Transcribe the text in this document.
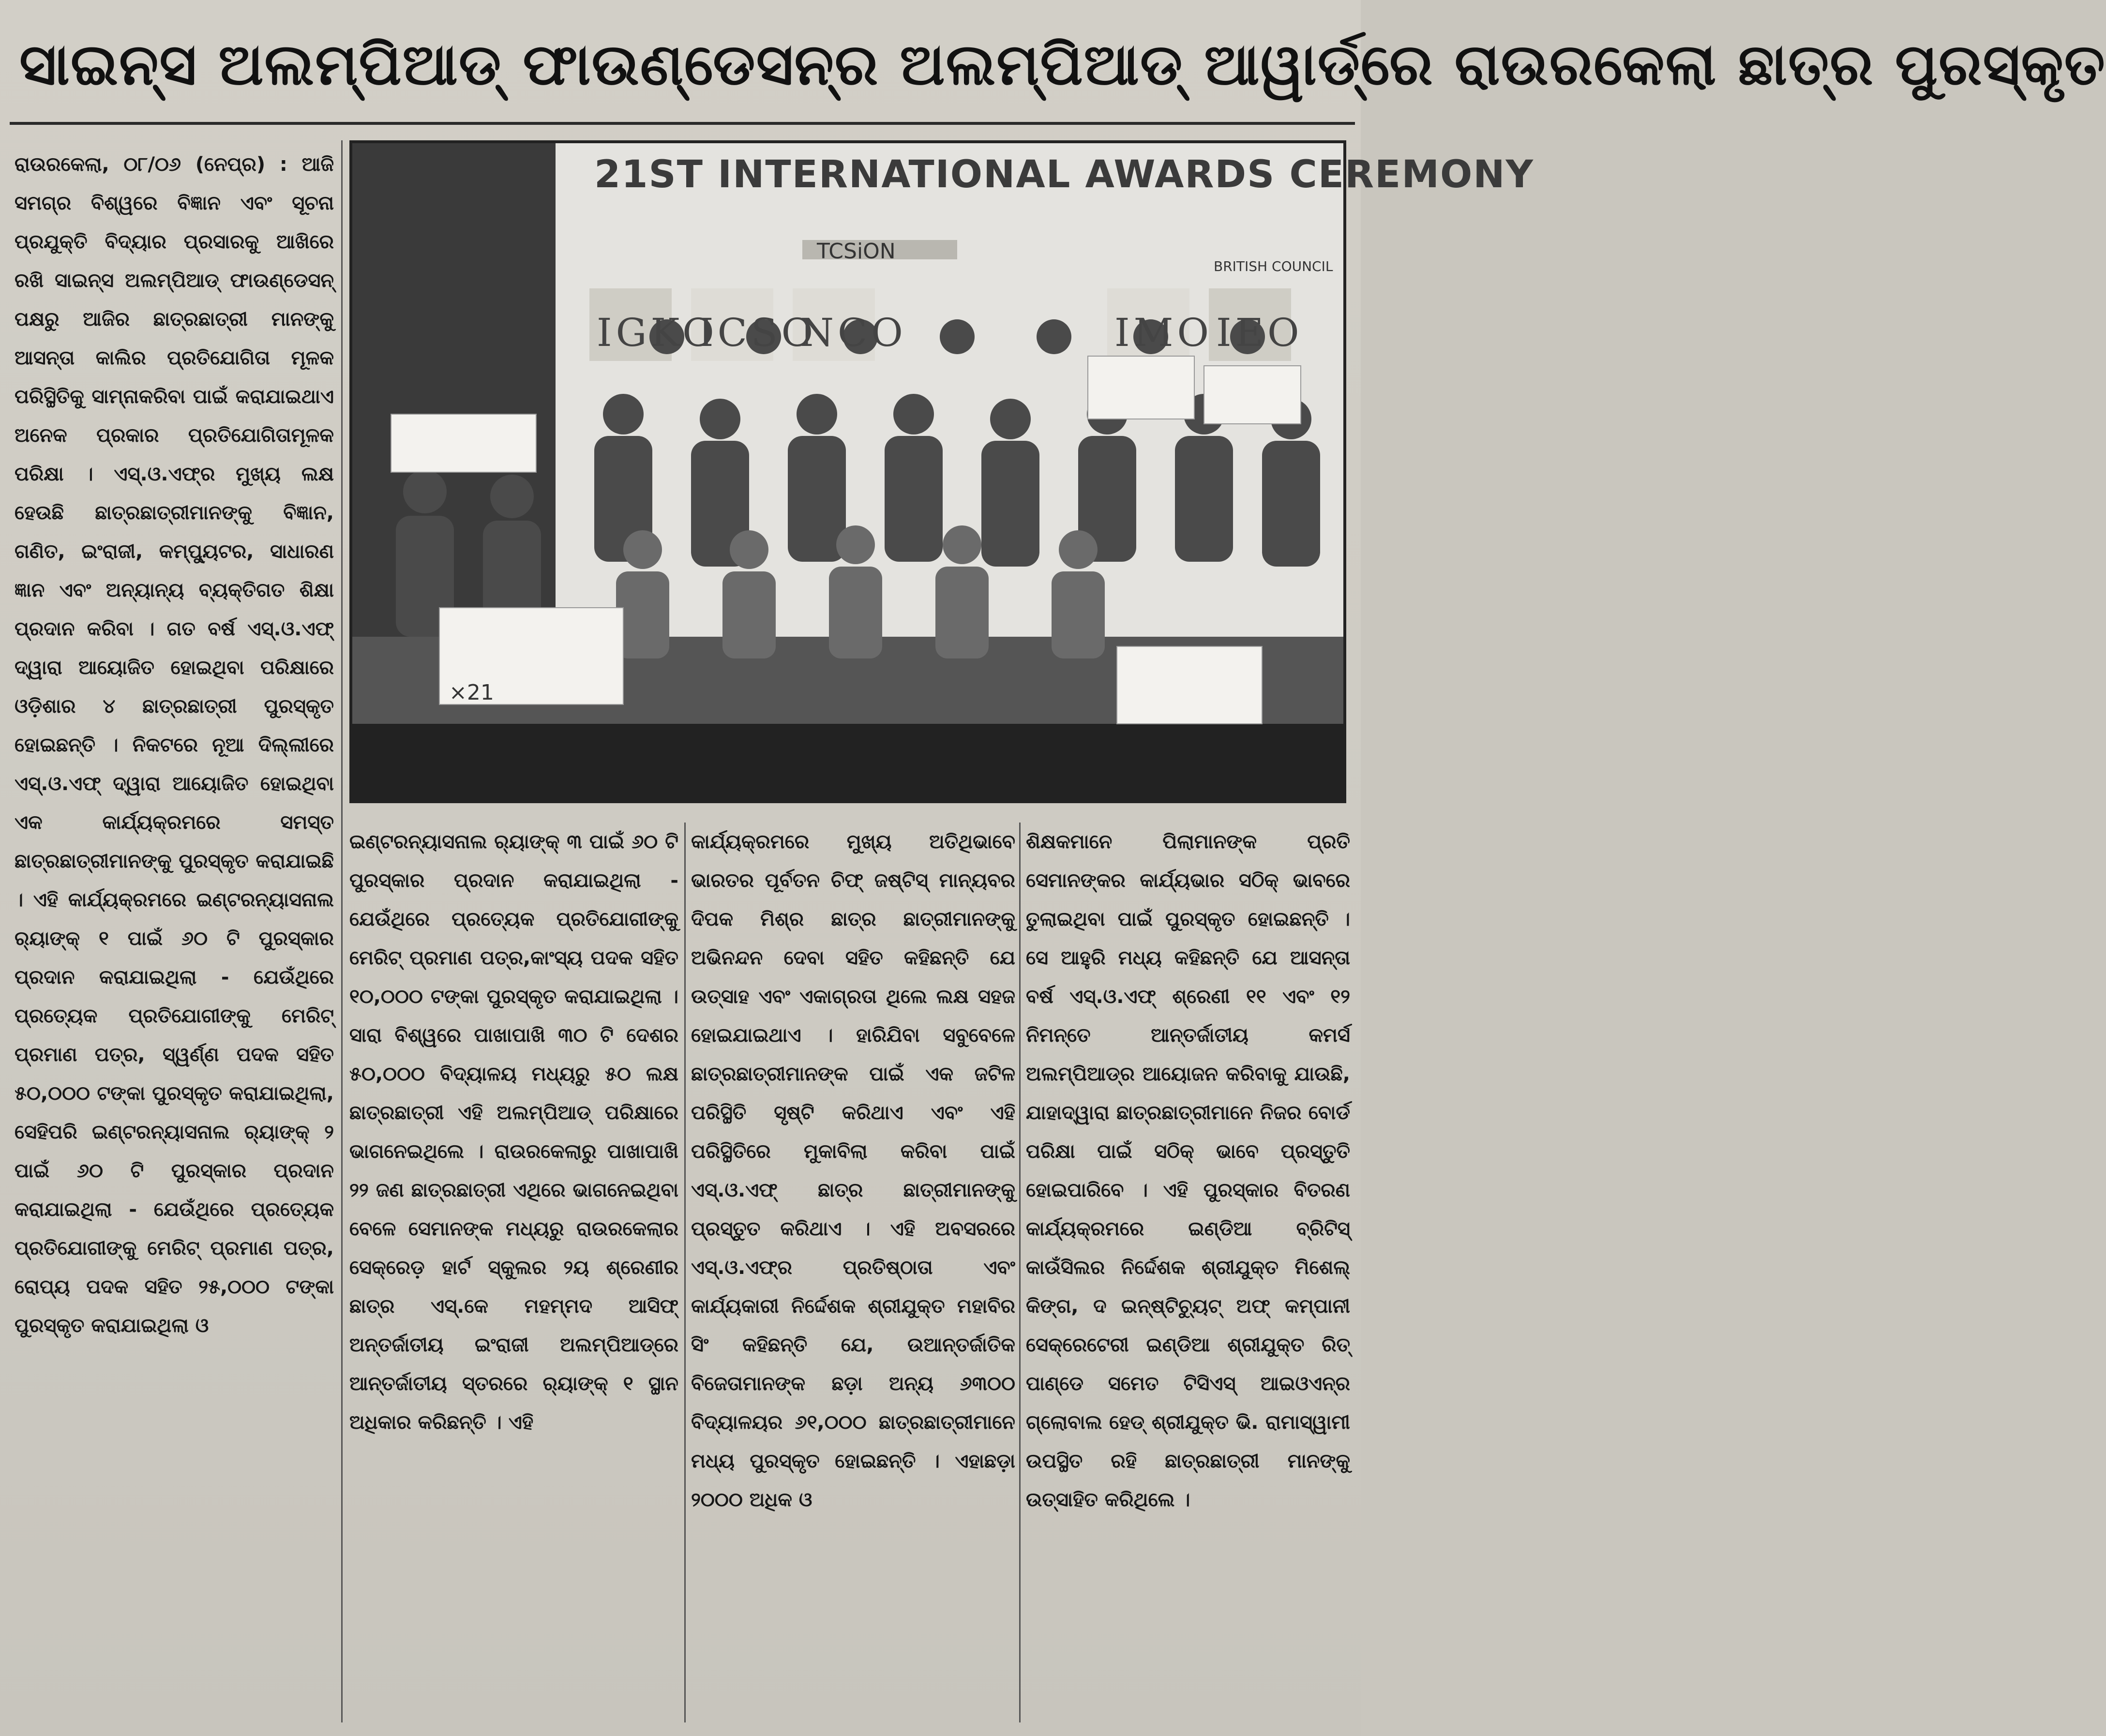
ସାଇନ୍ସ ଅଲମ୍ପିଆଡ୍ ଫାଉଣ୍ଡେସନ୍‌ର ଅଲମ୍ପିଆଡ୍ ଆୱାର୍ଡ୍‌ରେ ରାଉରକେଲା ଛାତ୍ର ପୁରସ୍କୃତ

ରାଉରକେଲା, ୦୮/୦୬ (ନେପ୍ର) : ଆଜି ସମଗ୍ର ବିଶ୍ୱରେ ବିଜ୍ଞାନ ଏବଂ ସୂଚନା ପ୍ରଯୁକ୍ତି ବିଦ୍ୟାର ପ୍ରସାରକୁ ଆଖିରେ ରଖି ସାଇନ୍ସ ଅଲମ୍ପିଆଡ୍ ଫାଉଣ୍ଡେସନ୍ ପକ୍ଷରୁ ଆଜିର ଛାତ୍ରଛାତ୍ରୀ ମାନଙ୍କୁ ଆସନ୍ତା କାଲିର ପ୍ରତିଯୋଗିତା ମୂଳକ ପରିସ୍ଥିତିକୁ ସାମ୍ନାକରିବା ପାଇଁ କରାଯାଇଥାଏ ଅନେକ ପ୍ରକାର ପ୍ରତିଯୋଗିତାମୂଳକ ପରିକ୍ଷା । ଏସ୍.ଓ.ଏଫ୍‌ର ମୁଖ୍ୟ ଲକ୍ଷ ହେଉଛି ଛାତ୍ରଛାତ୍ରୀମାନଙ୍କୁ ବିଜ୍ଞାନ, ଗଣିତ, ଇଂରାଜୀ, କମ୍ପ୍ୟୁଟର, ସାଧାରଣ ଜ୍ଞାନ ଏବଂ ଅନ୍ୟାନ୍ୟ ବ୍ୟକ୍ତିଗତ ଶିକ୍ଷା ପ୍ରଦାନ କରିବା । ଗତ ବର୍ଷ ଏସ୍.ଓ.ଏଫ୍ ଦ୍ୱାରା ଆୟୋଜିତ ହୋଇଥିବା ପରିକ୍ଷାରେ ଓଡ଼ିଶାର ୪ ଛାତ୍ରଛାତ୍ରୀ ପୁରସ୍କୃତ ହୋଇଛନ୍ତି । ନିକଟରେ ନୂଆ ଦିଲ୍ଲୀରେ ଏସ୍.ଓ.ଏଫ୍ ଦ୍ୱାରା ଆୟୋଜିତ ହୋଇଥିବା ଏକ କାର୍ଯ୍ୟକ୍ରମରେ ସମସ୍ତ ଛାତ୍ରଛାତ୍ରୀମାନଙ୍କୁ ପୁରସ୍କୃତ କରାଯାଇଛି । ଏହି କାର୍ଯ୍ୟକ୍ରମରେ ଇଣ୍ଟରନ୍ୟାସନାଲ ର୍‍ୟାଙ୍କ୍ ୧ ପାଇଁ ୬୦ ଟି ପୁରସ୍କାର ପ୍ରଦାନ କରାଯାଇଥିଲା - ଯେଉଁଥିରେ ପ୍ରତ୍ୟେକ ପ୍ରତିଯୋଗୀଙ୍କୁ ମେରିଟ୍ ପ୍ରମାଣ ପତ୍ର, ସ୍ୱର୍ଣ୍ଣ ପଦକ ସହିତ ୫୦,୦୦୦ ଟଙ୍କା ପୁରସ୍କୃତ କରାଯାଇଥିଲା, ସେହିପରି ଇଣ୍ଟରନ୍ୟାସନାଲ ର୍‍ୟାଙ୍କ୍ ୨ ପାଇଁ ୬୦ ଟି ପୁରସ୍କାର ପ୍ରଦାନ କରାଯାଇଥିଲା - ଯେଉଁଥିରେ ପ୍ରତ୍ୟେକ ପ୍ରତିଯୋଗୀଙ୍କୁ ମେରିଟ୍ ପ୍ରମାଣ ପତ୍ର, ରୋପ୍ୟ ପଦକ ସହିତ ୨୫,୦୦୦ ଟଙ୍କା ପୁରସ୍କୃତ କରାଯାଇଥିଲା ଓ

21ST INTERNATIONAL AWARDS CEREMONY
TCSiON
BRITISH COUNCIL
IGKO
ICSO
NCO	IMO IEO
×21

ଇଣ୍ଟରନ୍ୟାସନାଲ ର୍‍ୟାଙ୍କ୍ ୩ ପାଇଁ ୬୦ ଟି ପୁରସ୍କାର ପ୍ରଦାନ କରାଯାଇଥିଲା - ଯେଉଁଥିରେ ପ୍ରତ୍ୟେକ ପ୍ରତିଯୋଗୀଙ୍କୁ ମେରିଟ୍ ପ୍ରମାଣ ପତ୍ର,କାଂସ୍ୟ ପଦକ ସହିତ ୧୦,୦୦୦ ଟଙ୍କା ପୁରସ୍କୃତ କରାଯାଇଥିଲା । ସାରା ବିଶ୍ୱରେ ପାଖାପାଖି ୩୦ ଟି ଦେଶର ୫୦,୦୦୦ ବିଦ୍ୟାଳୟ ମଧ୍ୟରୁ ୫୦ ଲକ୍ଷ ଛାତ୍ରଛାତ୍ରୀ ଏହି ଅଲମ୍ପିଆଡ୍ ପରିକ୍ଷାରେ ଭାଗନେଇଥିଲେ । ରାଉରକେଲାରୁ ପାଖାପାଖି ୨୨ ଜଣ ଛାତ୍ରଛାତ୍ରୀ ଏଥିରେ ଭାଗନେଇଥିବା ବେଳେ ସେମାନଙ୍କ ମଧ୍ୟରୁ ରାଉରକେଲାର ସେକ୍ରେଡ଼ ହାର୍ଟ ସ୍କୁଲର ୨ୟ ଶ୍ରେଣୀର ଛାତ୍ର ଏସ୍.କେ ମହମ୍ମଦ ଆସିଫ୍ ଅନ୍ତର୍ଜାତୀୟ ଇଂରାଜୀ ଅଲମ୍ପିଆଡ୍‌ରେ ଆନ୍ତର୍ଜାତୀୟ ସ୍ତରରେ ର୍‍ୟାଙ୍କ୍ ୧ ସ୍ଥାନ ଅଧିକାର କରିଛନ୍ତି । ଏହି

କାର୍ଯ୍ୟକ୍ରମରେ ମୁଖ୍ୟ ଅତିଥିଭାବେ ଭାରତର ପୂର୍ବତନ ଚିଫ୍ ଜଷ୍ଟିସ୍ ମାନ୍ୟବର ଦିପକ ମିଶ୍ର ଛାତ୍ର ଛାତ୍ରୀମାନଙ୍କୁ ଅଭିନନ୍ଦନ ଦେବା ସହିତ କହିଛନ୍ତି ଯେ ଉତ୍ସାହ ଏବଂ ଏକାଗ୍ରତା ଥିଲେ ଲକ୍ଷ ସହଜ ହୋଇଯାଇଥାଏ । ହାରିଯିବା ସବୁବେଳେ ଛାତ୍ରଛାତ୍ରୀମାନଙ୍କ ପାଇଁ ଏକ ଜଟିଳ ପରିସ୍ଥିତି ସୃଷ୍ଟି କରିଥାଏ ଏବଂ ଏହି ପରିସ୍ଥିତିରେ ମୁକାବିଲା କରିବା ପାଇଁ ଏସ୍.ଓ.ଏଫ୍ ଛାତ୍ର ଛାତ୍ରୀମାନଙ୍କୁ ପ୍ରସ୍ତୁତ କରିଥାଏ । ଏହି ଅବସରରେ ଏସ୍.ଓ.ଏଫ୍‌ର ପ୍ରତିଷ୍ଠାତା ଏବଂ କାର୍ଯ୍ୟକାରୀ ନିର୍ଦ୍ଦେଶକ ଶ୍ରୀଯୁକ୍ତ ମହାବିର ସିଂ କହିଛନ୍ତି ଯେ, ଉଆନ୍ତର୍ଜାତିକ ବିଜେତାମାନଙ୍କ ଛଡ଼ା ଅନ୍ୟ ୬୩୦୦ ବିଦ୍ୟାଳୟର ୬୧,୦୦୦ ଛାତ୍ରଛାତ୍ରୀମାନେ ମଧ୍ୟ ପୁରସ୍କୃତ ହୋଇଛନ୍ତି । ଏହାଛଡ଼ା ୨୦୦୦ ଅଧିକ ଓ

ଶିକ୍ଷକମାନେ ପିଲାମାନଙ୍କ ପ୍ରତି ସେମାନଙ୍କର କାର୍ଯ୍ୟଭାର ସଠିକ୍ ଭାବରେ ତୁଲାଇଥିବା ପାଇଁ ପୁରସ୍କୃତ ହୋଇଛନ୍ତି । ସେ ଆହୁରି ମଧ୍ୟ କହିଛନ୍ତି ଯେ ଆସନ୍ତା ବର୍ଷ ଏସ୍.ଓ.ଏଫ୍ ଶ୍ରେଣୀ ୧୧ ଏବଂ ୧୨ ନିମନ୍ତେ ଆନ୍ତର୍ଜାତୀୟ କମର୍ସ ଅଲମ୍ପିଆଡ୍‌ର ଆୟୋଜନ କରିବାକୁ ଯାଉଛି, ଯାହାଦ୍ୱାରା ଛାତ୍ରଛାତ୍ରୀମାନେ ନିଜର ବୋର୍ଡ ପରିକ୍ଷା ପାଇଁ ସଠିକ୍ ଭାବେ ପ୍ରସ୍ତୁତି ହୋଇପାରିବେ । ଏହି ପୁରସ୍କାର ବିତରଣ କାର୍ଯ୍ୟକ୍ରମରେ ଇଣ୍ଡିଆ ବ୍ରିଟିସ୍ କାଉଁସିଲର ନିର୍ଦ୍ଦେଶକ ଶ୍ରୀଯୁକ୍ତ ମିଶେଲ୍ କିଙ୍ଗ, ଦ ଇନ୍ଷ୍ଟିଚ୍ୟୁଟ୍ ଅଫ୍ କମ୍ପାନୀ ସେକ୍ରେଟେରୀ ଇଣ୍ଡିଆ ଶ୍ରୀଯୁକ୍ତ ରିତ୍ ପାଣ୍ଡେ ସମେତ ଟିସିଏସ୍ ଆଇଓଏନ୍‌ର ଗ୍ଲୋବାଲ ହେଡ୍ ଶ୍ରୀଯୁକ୍ତ ଭି. ରାମାସ୍ୱାମୀ ଉପସ୍ଥିତ ରହି ଛାତ୍ରଛାତ୍ରୀ ମାନଙ୍କୁ ଉତ୍ସାହିତ କରିଥିଲେ ।
